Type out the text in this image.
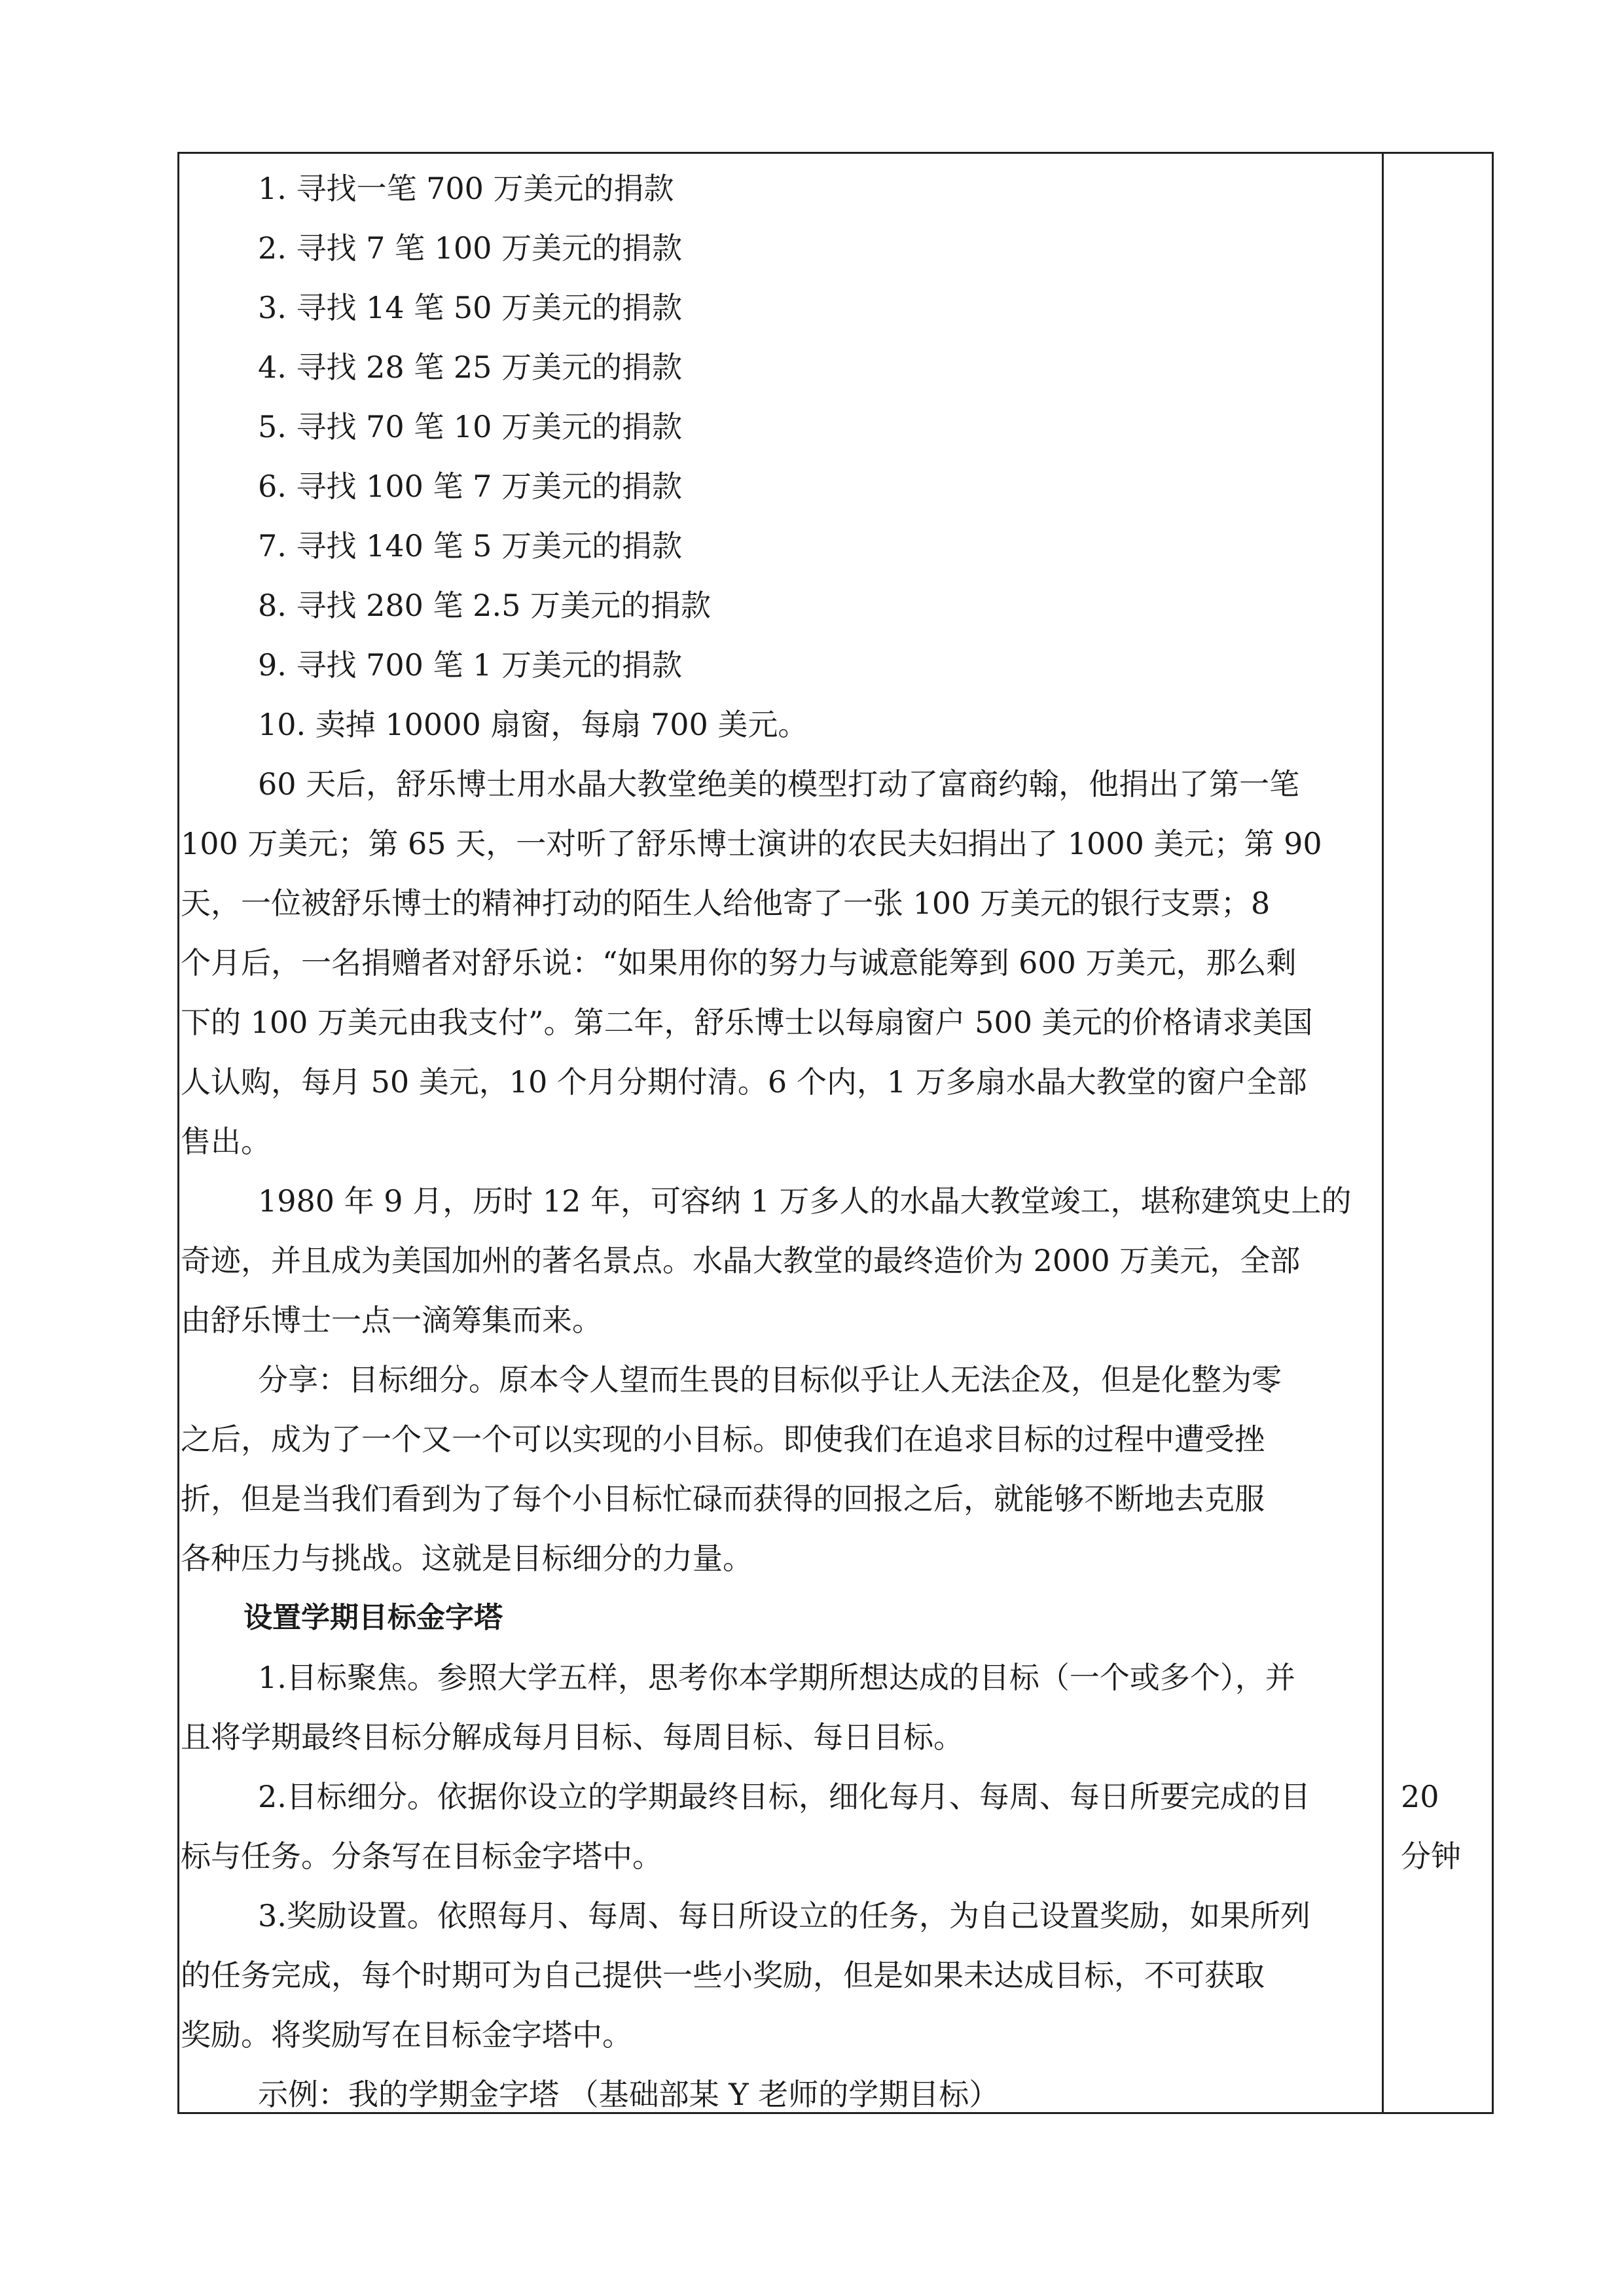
1. 寻找一笔 700 万美元的捐款
2. 寻找 7 笔 100 万美元的捐款
3. 寻找 14 笔 50 万美元的捐款
4. 寻找 28 笔 25 万美元的捐款
5. 寻找 70 笔 10 万美元的捐款
6. 寻找 100 笔 7 万美元的捐款
7. 寻找 140 笔 5 万美元的捐款
8. 寻找 280 笔 2.5 万美元的捐款
9. 寻找 700 笔 1 万美元的捐款
10. 卖掉 10000 扇窗，每扇 700 美元。
60 天后，舒乐博士用水晶大教堂绝美的模型打动了富商约翰，他捐出了第一笔
100 万美元；第 65 天，一对听了舒乐博士演讲的农民夫妇捐出了 1000 美元；第 90
天，一位被舒乐博士的精神打动的陌生人给他寄了一张 100 万美元的银行支票；8
个月后，一名捐赠者对舒乐说：“如果用你的努力与诚意能筹到 600 万美元，那么剩
下的 100 万美元由我支付”。第二年，舒乐博士以每扇窗户 500 美元的价格请求美国
人认购，每月 50 美元，10 个月分期付清。6 个内，1 万多扇水晶大教堂的窗户全部
售出。
1980 年 9 月，历时 12 年，可容纳 1 万多人的水晶大教堂竣工，堪称建筑史上的
奇迹，并且成为美国加州的著名景点。水晶大教堂的最终造价为 2000 万美元，全部
由舒乐博士一点一滴筹集而来。
分享：目标细分。原本令人望而生畏的目标似乎让人无法企及，但是化整为零
之后，成为了一个又一个可以实现的小目标。即使我们在追求目标的过程中遭受挫
折，但是当我们看到为了每个小目标忙碌而获得的回报之后，就能够不断地去克服
各种压力与挑战。这就是目标细分的力量。
设置学期目标金字塔
1.目标聚焦。参照大学五样，思考你本学期所想达成的目标（一个或多个），并
且将学期最终目标分解成每月目标、每周目标、每日目标。
2.目标细分。依据你设立的学期最终目标，细化每月、每周、每日所要完成的目
标与任务。分条写在目标金字塔中。
3.奖励设置。依照每月、每周、每日所设立的任务，为自己设置奖励，如果所列
的任务完成，每个时期可为自己提供一些小奖励，但是如果未达成目标，不可获取
奖励。将奖励写在目标金字塔中。
示例：我的学期金字塔 （基础部某 Y 老师的学期目标）
20
分钟
